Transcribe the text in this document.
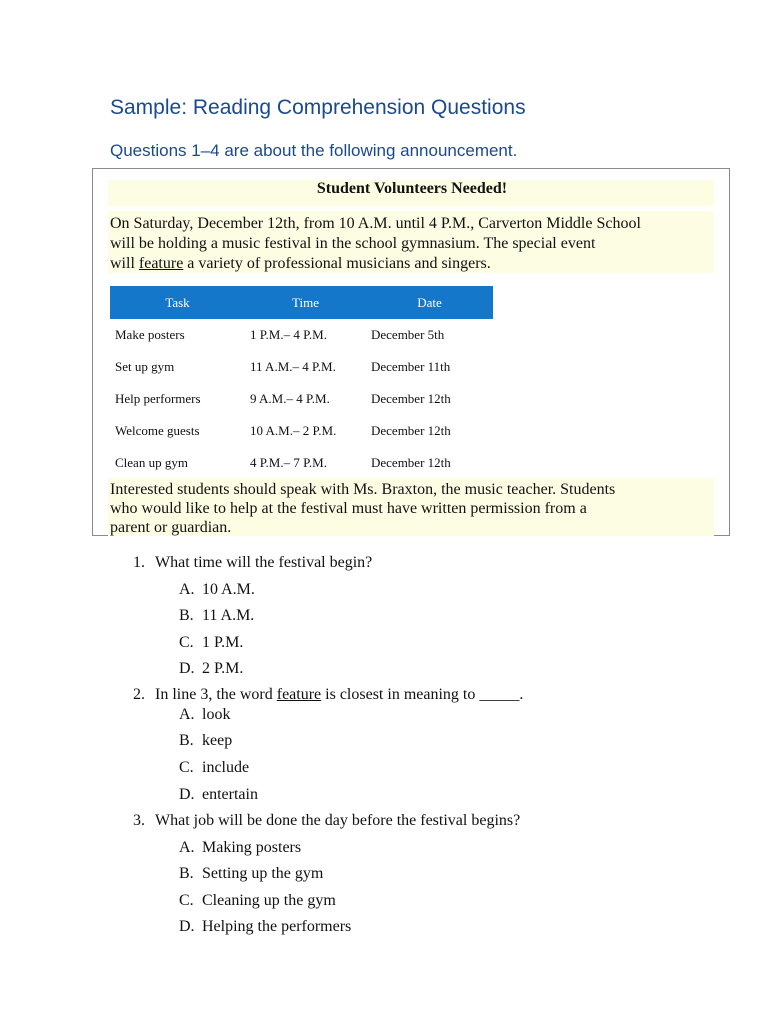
Sample: Reading Comprehension Questions
Questions 1–4 are about the following announcement.
Student Volunteers Needed!
On Saturday, December 12th, from 10 A.M. until 4 P.M., Carverton Middle School
will be holding a music festival in the school gymnasium. The special event
will feature a variety of professional musicians and singers.
Task	Time	Date
Make posters	1 P.M.– 4 P.M.	December 5th
Set up gym	11 A.M.– 4 P.M.	December 11th
Help performers	9 A.M.– 4 P.M.	December 12th
Welcome guests	10 A.M.– 2 P.M.	December 12th
Clean up gym	4 P.M.– 7 P.M.	December 12th
Interested students should speak with Ms. Braxton, the music teacher. Students
who would like to help at the festival must have written permission from a
parent or guardian.
1. What time will the festival begin?
A. 10 A.M.
B. 11 A.M.
C. 1 P.M.
D. 2 P.M.
2. In line 3, the word feature is closest in meaning to _____.
A. look
B. keep
C. include
D. entertain
3. What job will be done the day before the festival begins?
A. Making posters
B. Setting up the gym
C. Cleaning up the gym
D. Helping the performers
